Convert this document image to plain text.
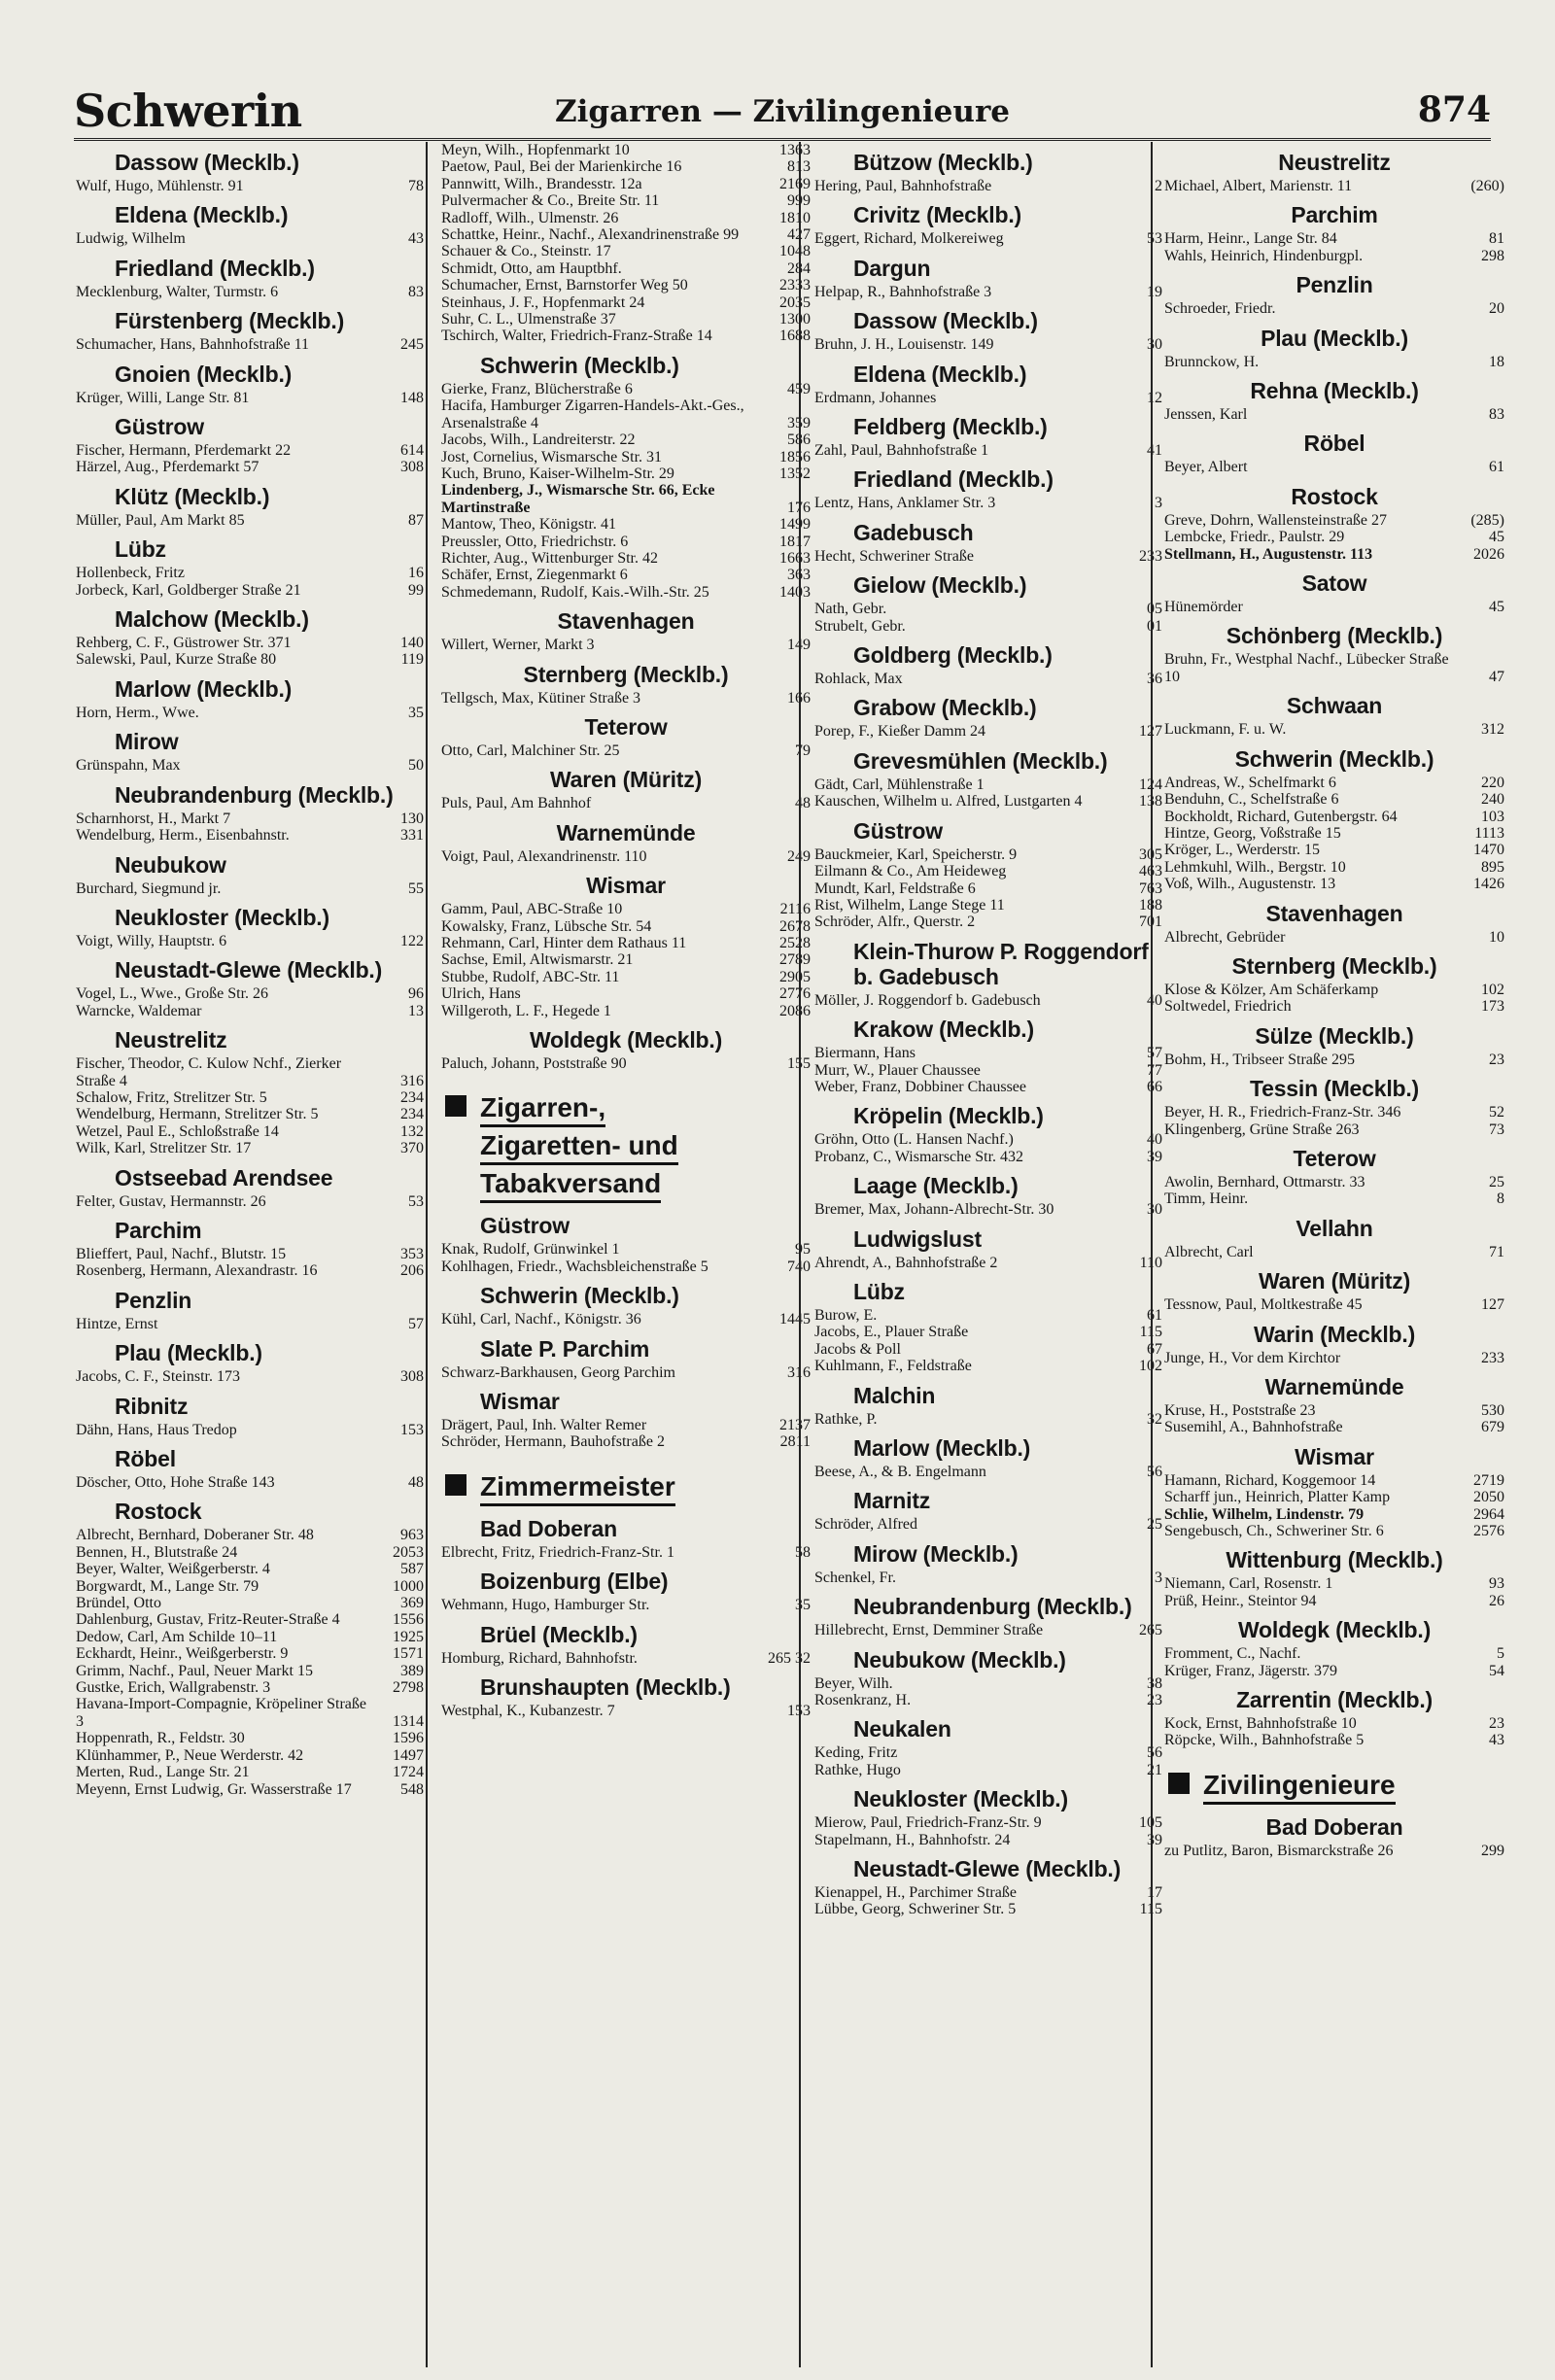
Schwerin	Zigarren — Zivilingenieure	874
Dassow (Mecklb.)
Wulf, Hugo, Mühlenstr. 91	78
Eldena (Mecklb.)
Ludwig, Wilhelm	43
Friedland (Mecklb.)
Mecklenburg, Walter, Turmstr. 6	83
Fürstenberg (Mecklb.)
Schumacher, Hans, Bahnhofstraße 11	245
Gnoien (Mecklb.)
Krüger, Willi, Lange Str. 81	148
Güstrow
Fischer, Hermann, Pferdemarkt 22	614
Härzel, Aug., Pferdemarkt 57	308
Klütz (Mecklb.)
Müller, Paul, Am Markt 85	87
Lübz
Hollenbeck, Fritz	16
Jorbeck, Karl, Goldberger Straße 21	99
Malchow (Mecklb.)
Rehberg, C. F., Güstrower Str. 371	140
Salewski, Paul, Kurze Straße 80	119
Marlow (Mecklb.)
Horn, Herm., Wwe.	35
Mirow
Grünspahn, Max	50
Neubrandenburg (Mecklb.)
Scharnhorst, H., Markt 7	130
Wendelburg, Herm., Eisenbahnstr.	331
Neubukow
Burchard, Siegmund jr.	55
Neukloster (Mecklb.)
Voigt, Willy, Hauptstr. 6	122
Neustadt-Glewe (Mecklb.)
Vogel, L., Wwe., Große Str. 26	96
Warncke, Waldemar	13
Neustrelitz
Fischer, Theodor, C. Kulow Nchf., Zierker Straße 4	316
Schalow, Fritz, Strelitzer Str. 5	234
Wendelburg, Hermann, Strelitzer Str. 5	234
Wetzel, Paul E., Schloßstraße 14	132
Wilk, Karl, Strelitzer Str. 17	370
Ostseebad Arendsee
Felter, Gustav, Hermannstr. 26	53
Parchim
Blieffert, Paul, Nachf., Blutstr. 15	353
Rosenberg, Hermann, Alexandrastr. 16	206
Penzlin
Hintze, Ernst	57
Plau (Mecklb.)
Jacobs, C. F., Steinstr. 173	308
Ribnitz
Dähn, Hans, Haus Tredop	153
Röbel
Döscher, Otto, Hohe Straße 143	48
Rostock
Albrecht, Bernhard, Doberaner Str. 48	963
Bennen, H., Blutstraße 24	2053
Beyer, Walter, Weißgerberstr. 4	587
Borgwardt, M., Lange Str. 79	1000
Bründel, Otto	369
Dahlenburg, Gustav, Fritz-Reuter-Straße 4	1556
Dedow, Carl, Am Schilde 10–11	1925
Eckhardt, Heinr., Weißgerberstr. 9	1571
Grimm, Nachf., Paul, Neuer Markt 15	389
Gustke, Erich, Wallgrabenstr. 3	2798
Havana-Import-Compagnie, Kröpeliner Straße 3	1314
Hoppenrath, R., Feldstr. 30	1596
Klünhammer, P., Neue Werderstr. 42	1497
Merten, Rud., Lange Str. 21	1724
Meyenn, Ernst Ludwig, Gr. Wasserstraße 17	548
Meyn, Wilh., Hopfenmarkt 10	1363
Paetow, Paul, Bei der Marienkirche 16	813
Pannwitt, Wilh., Brandesstr. 12a	2169
Pulvermacher & Co., Breite Str. 11	999
Radloff, Wilh., Ulmenstr. 26	1810
Schattke, Heinr., Nachf., Alexandrinenstraße 99	427
Schauer & Co., Steinstr. 17	1048
Schmidt, Otto, am Hauptbhf.	284
Schumacher, Ernst, Barnstorfer Weg 50	2333
Steinhaus, J. F., Hopfenmarkt 24	2035
Suhr, C. L., Ulmenstraße 37	1300
Tschirch, Walter, Friedrich-Franz-Straße 14	1688
Schwerin (Mecklb.)
Gierke, Franz, Blücherstraße 6	459
Hacifa, Hamburger Zigarren-Handels-Akt.-Ges., Arsenalstraße 4	359
Jacobs, Wilh., Landreiterstr. 22	586
Jost, Cornelius, Wismarsche Str. 31	1856
Kuch, Bruno, Kaiser-Wilhelm-Str. 29	1352
Lindenberg, J., Wismarsche Str. 66, Ecke Martinstraße	176
Mantow, Theo, Königstr. 41	1499
Preussler, Otto, Friedrichstr. 6	1817
Richter, Aug., Wittenburger Str. 42	1663
Schäfer, Ernst, Ziegenmarkt 6	363
Schmedemann, Rudolf, Kais.-Wilh.-Str. 25	1403
Stavenhagen
Willert, Werner, Markt 3	149
Sternberg (Mecklb.)
Tellgsch, Max, Kütiner Straße 3	166
Teterow
Otto, Carl, Malchiner Str. 25	79
Waren (Müritz)
Puls, Paul, Am Bahnhof	48
Warnemünde
Voigt, Paul, Alexandrinenstr. 110	249
Wismar
Gamm, Paul, ABC-Straße 10	2116
Kowalsky, Franz, Lübsche Str. 54	2678
Rehmann, Carl, Hinter dem Rathaus 11	2528
Sachse, Emil, Altwismarstr. 21	2789
Stubbe, Rudolf, ABC-Str. 11	2905
Ulrich, Hans	2776
Willgeroth, L. F., Hegede 1	2086
Woldegk (Mecklb.)
Paluch, Johann, Poststraße 90	155
Zigarren-,
Zigaretten- und
Tabakversand
Güstrow
Knak, Rudolf, Grünwinkel 1	95
Kohlhagen, Friedr., Wachsbleichenstraße 5	740
Schwerin (Mecklb.)
Kühl, Carl, Nachf., Königstr. 36	1445
Slate P. Parchim
Schwarz-Barkhausen, Georg Parchim	316
Wismar
Drägert, Paul, Inh. Walter Remer	2137
Schröder, Hermann, Bauhofstraße 2	2811
Zimmermeister
Bad Doberan
Elbrecht, Fritz, Friedrich-Franz-Str. 1	58
Boizenburg (Elbe)
Wehmann, Hugo, Hamburger Str.	35
Brüel (Mecklb.)
Homburg, Richard, Bahnhofstr.	265 32
Brunshaupten (Mecklb.)
Westphal, K., Kubanzestr. 7	153
Bützow (Mecklb.)
Hering, Paul, Bahnhofstraße	2
Crivitz (Mecklb.)
Eggert, Richard, Molkereiweg	53
Dargun
Helpap, R., Bahnhofstraße 3	19
Dassow (Mecklb.)
Bruhn, J. H., Louisenstr. 149	30
Eldena (Mecklb.)
Erdmann, Johannes	12
Feldberg (Mecklb.)
Zahl, Paul, Bahnhofstraße 1	41
Friedland (Mecklb.)
Lentz, Hans, Anklamer Str. 3	3
Gadebusch
Hecht, Schweriner Straße	233
Gielow (Mecklb.)
Nath, Gebr.	05
Strubelt, Gebr.	01
Goldberg (Mecklb.)
Rohlack, Max	36
Grabow (Mecklb.)
Porep, F., Kießer Damm 24	127
Grevesmühlen (Mecklb.)
Gädt, Carl, Mühlenstraße 1	124
Kauschen, Wilhelm u. Alfred, Lustgarten 4	138
Güstrow
Bauckmeier, Karl, Speicherstr. 9	305
Eilmann & Co., Am Heideweg	463
Mundt, Karl, Feldstraße 6	763
Rist, Wilhelm, Lange Stege 11	188
Schröder, Alfr., Querstr. 2	701
Klein-Thurow P. Roggendorf b. Gadebusch
Möller, J. Roggendorf b. Gadebusch	40
Krakow (Mecklb.)
Biermann, Hans	57
Murr, W., Plauer Chaussee	77
Weber, Franz, Dobbiner Chaussee	66
Kröpelin (Mecklb.)
Gröhn, Otto (L. Hansen Nachf.)	40
Probanz, C., Wismarsche Str. 432	39
Laage (Mecklb.)
Bremer, Max, Johann-Albrecht-Str. 30	30
Ludwigslust
Ahrendt, A., Bahnhofstraße 2	110
Lübz
Burow, E.	61
Jacobs, E., Plauer Straße	115
Jacobs & Poll	67
Kuhlmann, F., Feldstraße	102
Malchin
Rathke, P.	32
Marlow (Mecklb.)
Beese, A., & B. Engelmann	56
Marnitz
Schröder, Alfred	25
Mirow (Mecklb.)
Schenkel, Fr.	3
Neubrandenburg (Mecklb.)
Hillebrecht, Ernst, Demminer Straße	265
Neubukow (Mecklb.)
Beyer, Wilh.	38
Rosenkranz, H.	23
Neukalen
Keding, Fritz	56
Rathke, Hugo	21
Neukloster (Mecklb.)
Mierow, Paul, Friedrich-Franz-Str. 9	105
Stapelmann, H., Bahnhofstr. 24	39
Neustadt-Glewe (Mecklb.)
Kienappel, H., Parchimer Straße	17
Lübbe, Georg, Schweriner Str. 5	115
Neustrelitz
Michael, Albert, Marienstr. 11	(260)
Parchim
Harm, Heinr., Lange Str. 84	81
Wahls, Heinrich, Hindenburgpl.	298
Penzlin
Schroeder, Friedr.	20
Plau (Mecklb.)
Brunnckow, H.	18
Rehna (Mecklb.)
Jenssen, Karl	83
Röbel
Beyer, Albert	61
Rostock
Greve, Dohrn, Wallensteinstraße 27	(285)
Lembcke, Friedr., Paulstr. 29	45
Stellmann, H., Augustenstr. 113	2026
Satow
Hünemörder	45
Schönberg (Mecklb.)
Bruhn, Fr., Westphal Nachf., Lübecker Straße 10	47
Schwaan
Luckmann, F. u. W.	312
Schwerin (Mecklb.)
Andreas, W., Schelfmarkt 6	220
Benduhn, C., Schelfstraße 6	240
Bockholdt, Richard, Gutenbergstr. 64	103
Hintze, Georg, Voßstraße 15	1113
Kröger, L., Werderstr. 15	1470
Lehmkuhl, Wilh., Bergstr. 10	895
Voß, Wilh., Augustenstr. 13	1426
Stavenhagen
Albrecht, Gebrüder	10
Sternberg (Mecklb.)
Klose & Kölzer, Am Schäferkamp	102
Soltwedel, Friedrich	173
Sülze (Mecklb.)
Bohm, H., Tribseer Straße 295	23
Tessin (Mecklb.)
Beyer, H. R., Friedrich-Franz-Str. 346	52
Klingenberg, Grüne Straße 263	73
Teterow
Awolin, Bernhard, Ottmarstr. 33	25
Timm, Heinr.	8
Vellahn
Albrecht, Carl	71
Waren (Müritz)
Tessnow, Paul, Moltkestraße 45	127
Warin (Mecklb.)
Junge, H., Vor dem Kirchtor	233
Warnemünde
Kruse, H., Poststraße 23	530
Susemihl, A., Bahnhofstraße	679
Wismar
Hamann, Richard, Koggemoor 14	2719
Scharff jun., Heinrich, Platter Kamp	2050
Schlie, Wilhelm, Lindenstr. 79	2964
Sengebusch, Ch., Schweriner Str. 6	2576
Wittenburg (Mecklb.)
Niemann, Carl, Rosenstr. 1	93
Prüß, Heinr., Steintor 94	26
Woldegk (Mecklb.)
Fromment, C., Nachf.	5
Krüger, Franz, Jägerstr. 379	54
Zarrentin (Mecklb.)
Kock, Ernst, Bahnhofstraße 10	23
Röpcke, Wilh., Bahnhofstraße 5	43
Zivilingenieure
Bad Doberan
zu Putlitz, Baron, Bismarckstraße 26	299
